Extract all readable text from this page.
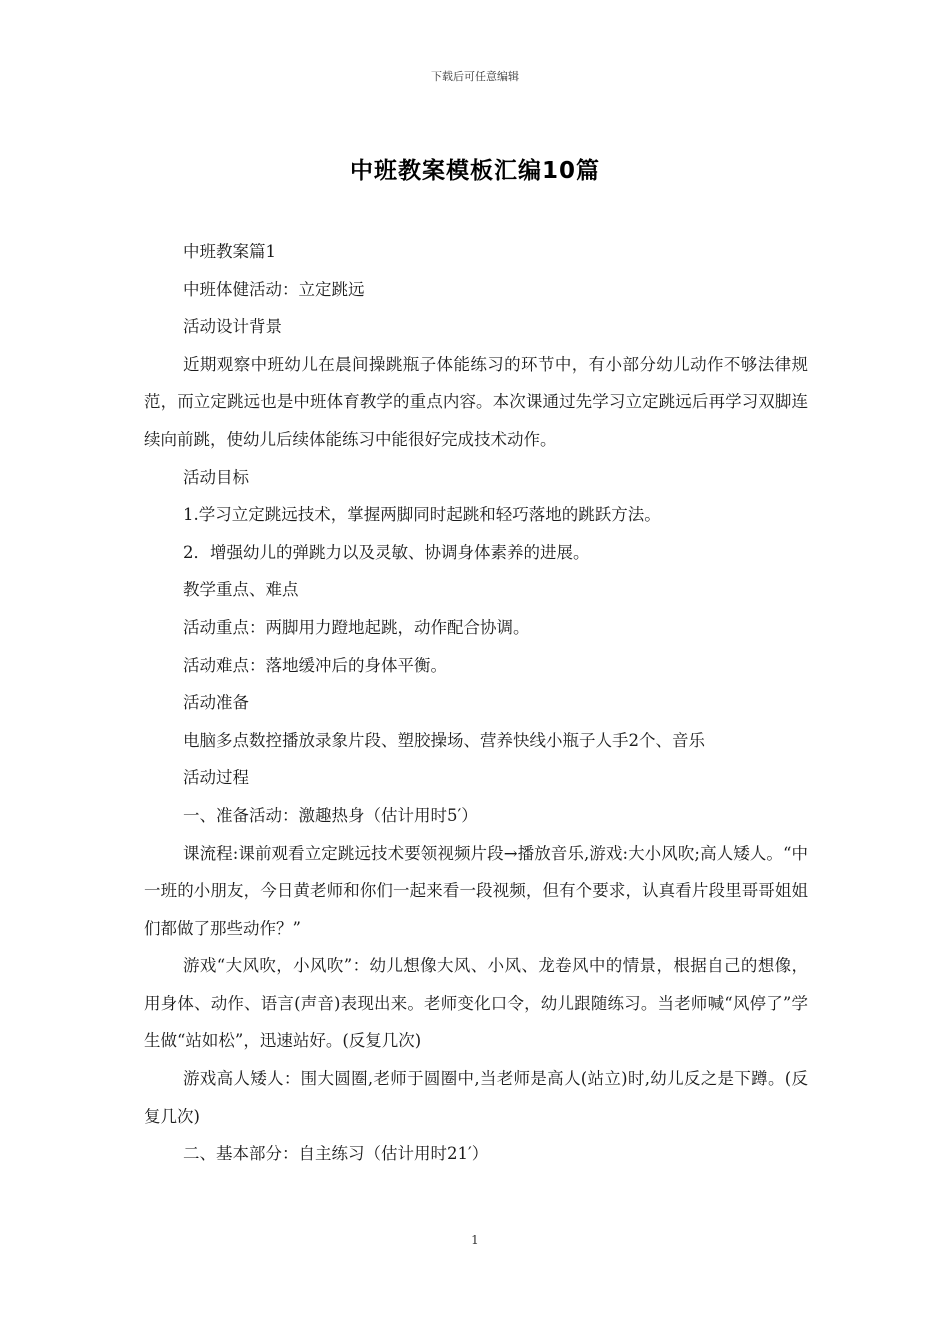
下载后可任意编辑
中班教案模板汇编10篇

中班教案篇1

中班体健活动：立定跳远

活动设计背景

近期观察中班幼儿在晨间操跳瓶子体能练习的环节中，有小部分幼儿动作不够法律规范，而立定跳远也是中班体育教学的重点内容。本次课通过先学习立定跳远后再学习双脚连续向前跳，使幼儿后续体能练习中能很好完成技术动作。

活动目标

1.学习立定跳远技术，掌握两脚同时起跳和轻巧落地的跳跃方法。

2．增强幼儿的弹跳力以及灵敏、协调身体素养的进展。

教学重点、难点

活动重点：两脚用力蹬地起跳，动作配合协调。

活动难点：落地缓冲后的身体平衡。

活动准备

电脑多点数控播放录象片段、塑胶操场、营养快线小瓶子人手2个、音乐

活动过程

一、准备活动：激趣热身（估计用时5′）

课流程:课前观看立定跳远技术要领视频片段→播放音乐,游戏:大小风吹;高人矮人。“中一班的小朋友，今日黄老师和你们一起来看一段视频，但有个要求，认真看片段里哥哥姐姐们都做了那些动作？”

游戏“大风吹，小风吹”：幼儿想像大风、小风、龙卷风中的情景，根据自己的想像，用身体、动作、语言(声音)表现出来。老师变化口令，幼儿跟随练习。当老师喊“风停了”学生做“站如松”，迅速站好。(反复几次)

游戏高人矮人：围大圆圈,老师于圆圈中,当老师是高人(站立)时,幼儿反之是下蹲。(反复几次)

二、基本部分：自主练习（估计用时21′）

1
